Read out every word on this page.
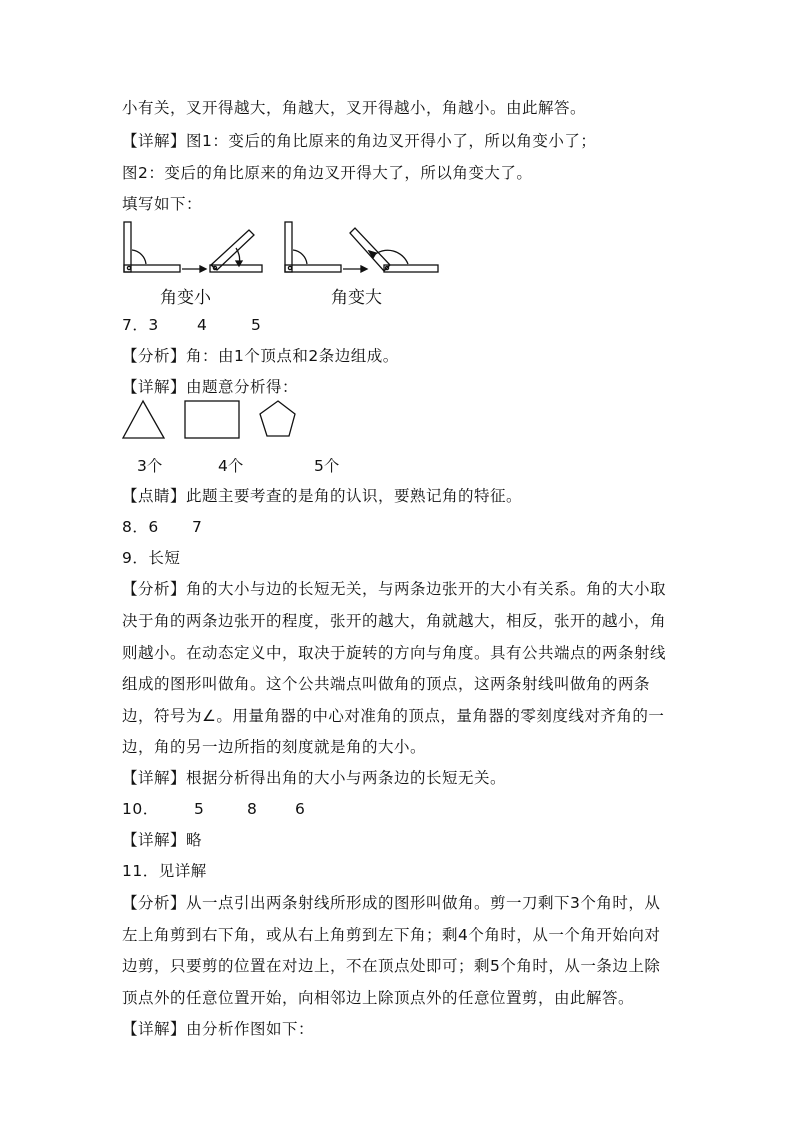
小有关，叉开得越大，角越大，叉开得越小，角越小。由此解答。
【详解】图1：变后的角比原来的角边叉开得小了，所以角变小了；
图2：变后的角比原来的角边叉开得大了，所以角变大了。
填写如下：
角变小	角变大
7．3 4	5
【分析】角：由1个顶点和2条边组成。
【详解】由题意分析得：
3个	4个	5个
【点睛】此题主要考查的是角的认识，要熟记角的特征。
8．6 7
9．长短
【分析】角的大小与边的长短无关，与两条边张开的大小有关系。角的大小取
决于角的两条边张开的程度，张开的越大，角就越大，相反，张开的越小，角
则越小。在动态定义中，取决于旋转的方向与角度。具有公共端点的两条射线
组成的图形叫做角。这个公共端点叫做角的顶点，这两条射线叫做角的两条
边，符号为∠。用量角器的中心对准角的顶点，量角器的零刻度线对齐角的一
边，角的另一边所指的刻度就是角的大小。
【详解】根据分析得出角的大小与两条边的长短无关。
10． 5	8 6
【详解】略
11．见详解
【分析】从一点引出两条射线所形成的图形叫做角。剪一刀剩下3个角时，从
左上角剪到右下角，或从右上角剪到左下角；剩4个角时，从一个角开始向对
边剪，只要剪的位置在对边上，不在顶点处即可；剩5个角时，从一条边上除
顶点外的任意位置开始，向相邻边上除顶点外的任意位置剪，由此解答。
【详解】由分析作图如下：
